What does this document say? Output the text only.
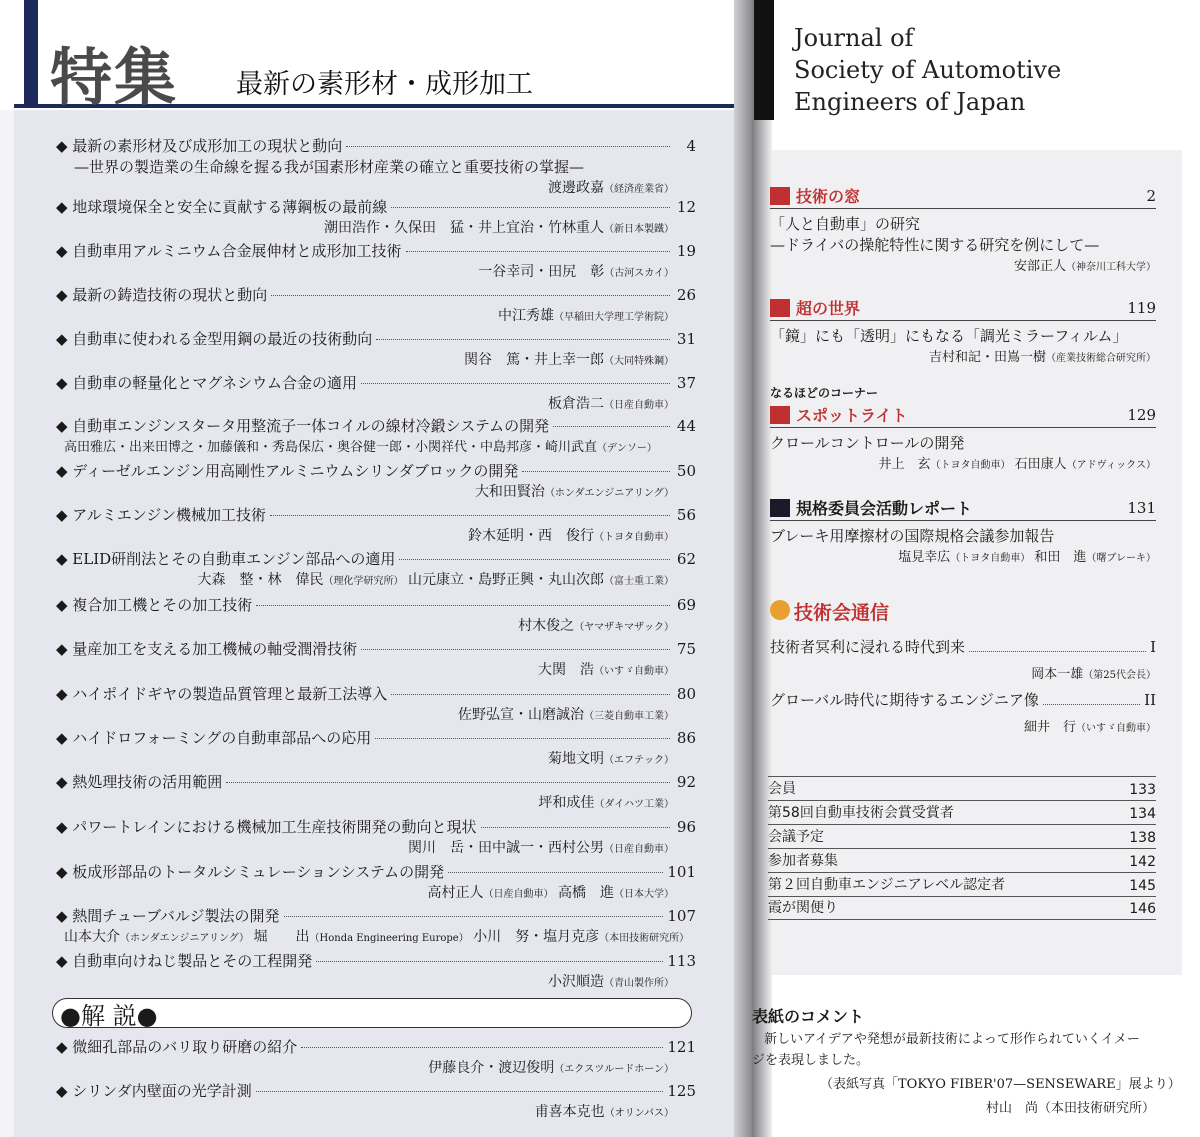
特集 最新の素形材・成形加工
◆ 最新の素形材及び成形加工の現状と動向	4
—世界の製造業の生命線を握る我が国素形材産業の確立と重要技術の掌握—
渡邊政嘉（経済産業省）
◆ 地球環境保全と安全に貢献する薄鋼板の最前線	12
潮田浩作・久保田　猛・井上宜治・竹林重人（新日本製鐵）
◆ 自動車用アルミニウム合金展伸材と成形加工技術	19
一谷幸司・田尻　彰（古河スカイ）
◆ 最新の鋳造技術の現状と動向	26
中江秀雄（早稲田大学理工学術院）
◆ 自動車に使われる金型用鋼の最近の技術動向	31
関谷　篤・井上幸一郎（大同特殊鋼）
◆ 自動車の軽量化とマグネシウム合金の適用	37
板倉浩二（日産自動車）
◆ 自動車エンジンスタータ用整流子一体コイルの線材冷鍛システムの開発	44
高田雅広・出来田博之・加藤儀和・秀島保広・奥谷健一郎・小関祥代・中島邦彦・崎川武直（デンソー）
◆ ディーゼルエンジン用高剛性アルミニウムシリンダブロックの開発	50
大和田賢治（ホンダエンジニアリング）
◆ アルミエンジン機械加工技術	56
鈴木延明・西　俊行（トヨタ自動車）
◆ ELID研削法とその自動車エンジン部品への適用	62
大森　整・林　偉民（理化学研究所） 山元康立・島野正興・丸山次郎（富士重工業）
◆ 複合加工機とその加工技術	69
村木俊之（ヤマザキマザック）
◆ 量産加工を支える加工機械の軸受潤滑技術	75
大関　浩（いすゞ自動車）
◆ ハイポイドギヤの製造品質管理と最新工法導入	80
佐野弘宣・山磨誠治（三菱自動車工業）
◆ ハイドロフォーミングの自動車部品への応用	86
菊地文明（エフテック）
◆ 熱処理技術の活用範囲	92
坪和成佳（ダイハツ工業）
◆ パワートレインにおける機械加工生産技術開発の動向と現状	96
関川　岳・田中誠一・西村公男（日産自動車）
◆ 板成形部品のトータルシミュレーションシステムの開発	101
高村正人（日産自動車） 高橋　進（日本大学）
◆ 熱間チューブバルジ製法の開発	107
山本大介（ホンダエンジニアリング） 堀　　出（Honda Engineering Europe） 小川　努・塩月克彦（本田技術研究所）
◆ 自動車向けねじ製品とその工程開発	113
小沢順造（青山製作所）
●解 説●
◆ 微細孔部品のバリ取り研磨の紹介	121
伊藤良介・渡辺俊明（エクスツルードホーン）
◆ シリンダ内壁面の光学計測	125
甫喜本克也（オリンパス）
Journal of
Society of Automotive
Engineers of Japan
技術の窓	2
「人と自動車」の研究
—ドライバの操舵特性に関する研究を例にして—
安部正人（神奈川工科大学）
超の世界	119
「鏡」にも「透明」にもなる「調光ミラーフィルム」
吉村和記・田嶌一樹（産業技術総合研究所）
なるほどのコーナー
スポットライト	129
クロールコントロールの開発
井上　玄（トヨタ自動車） 石田康人（アドヴィックス）
規格委員会活動レポート	131
ブレーキ用摩擦材の国際規格会議参加報告
塩見幸広（トヨタ自動車） 和田　進（曙ブレーキ）
技術会通信
技術者冥利に浸れる時代到来	I
岡本一雄（第25代会長）
グローバル時代に期待するエンジニア像	II
細井　行（いすゞ自動車）
会員	133
第58回自動車技術会賞受賞者	134
会議予定	138
参加者募集	142
第２回自動車エンジニアレベル認定者	145
霞が関便り	146
表紙のコメント
新しいアイデアや発想が最新技術によって形作られていくイメー
ジを表現しました。
（表紙写真「TOKYO FIBER'07—SENSEWARE」展より）
村山　尚（本田技術研究所）
